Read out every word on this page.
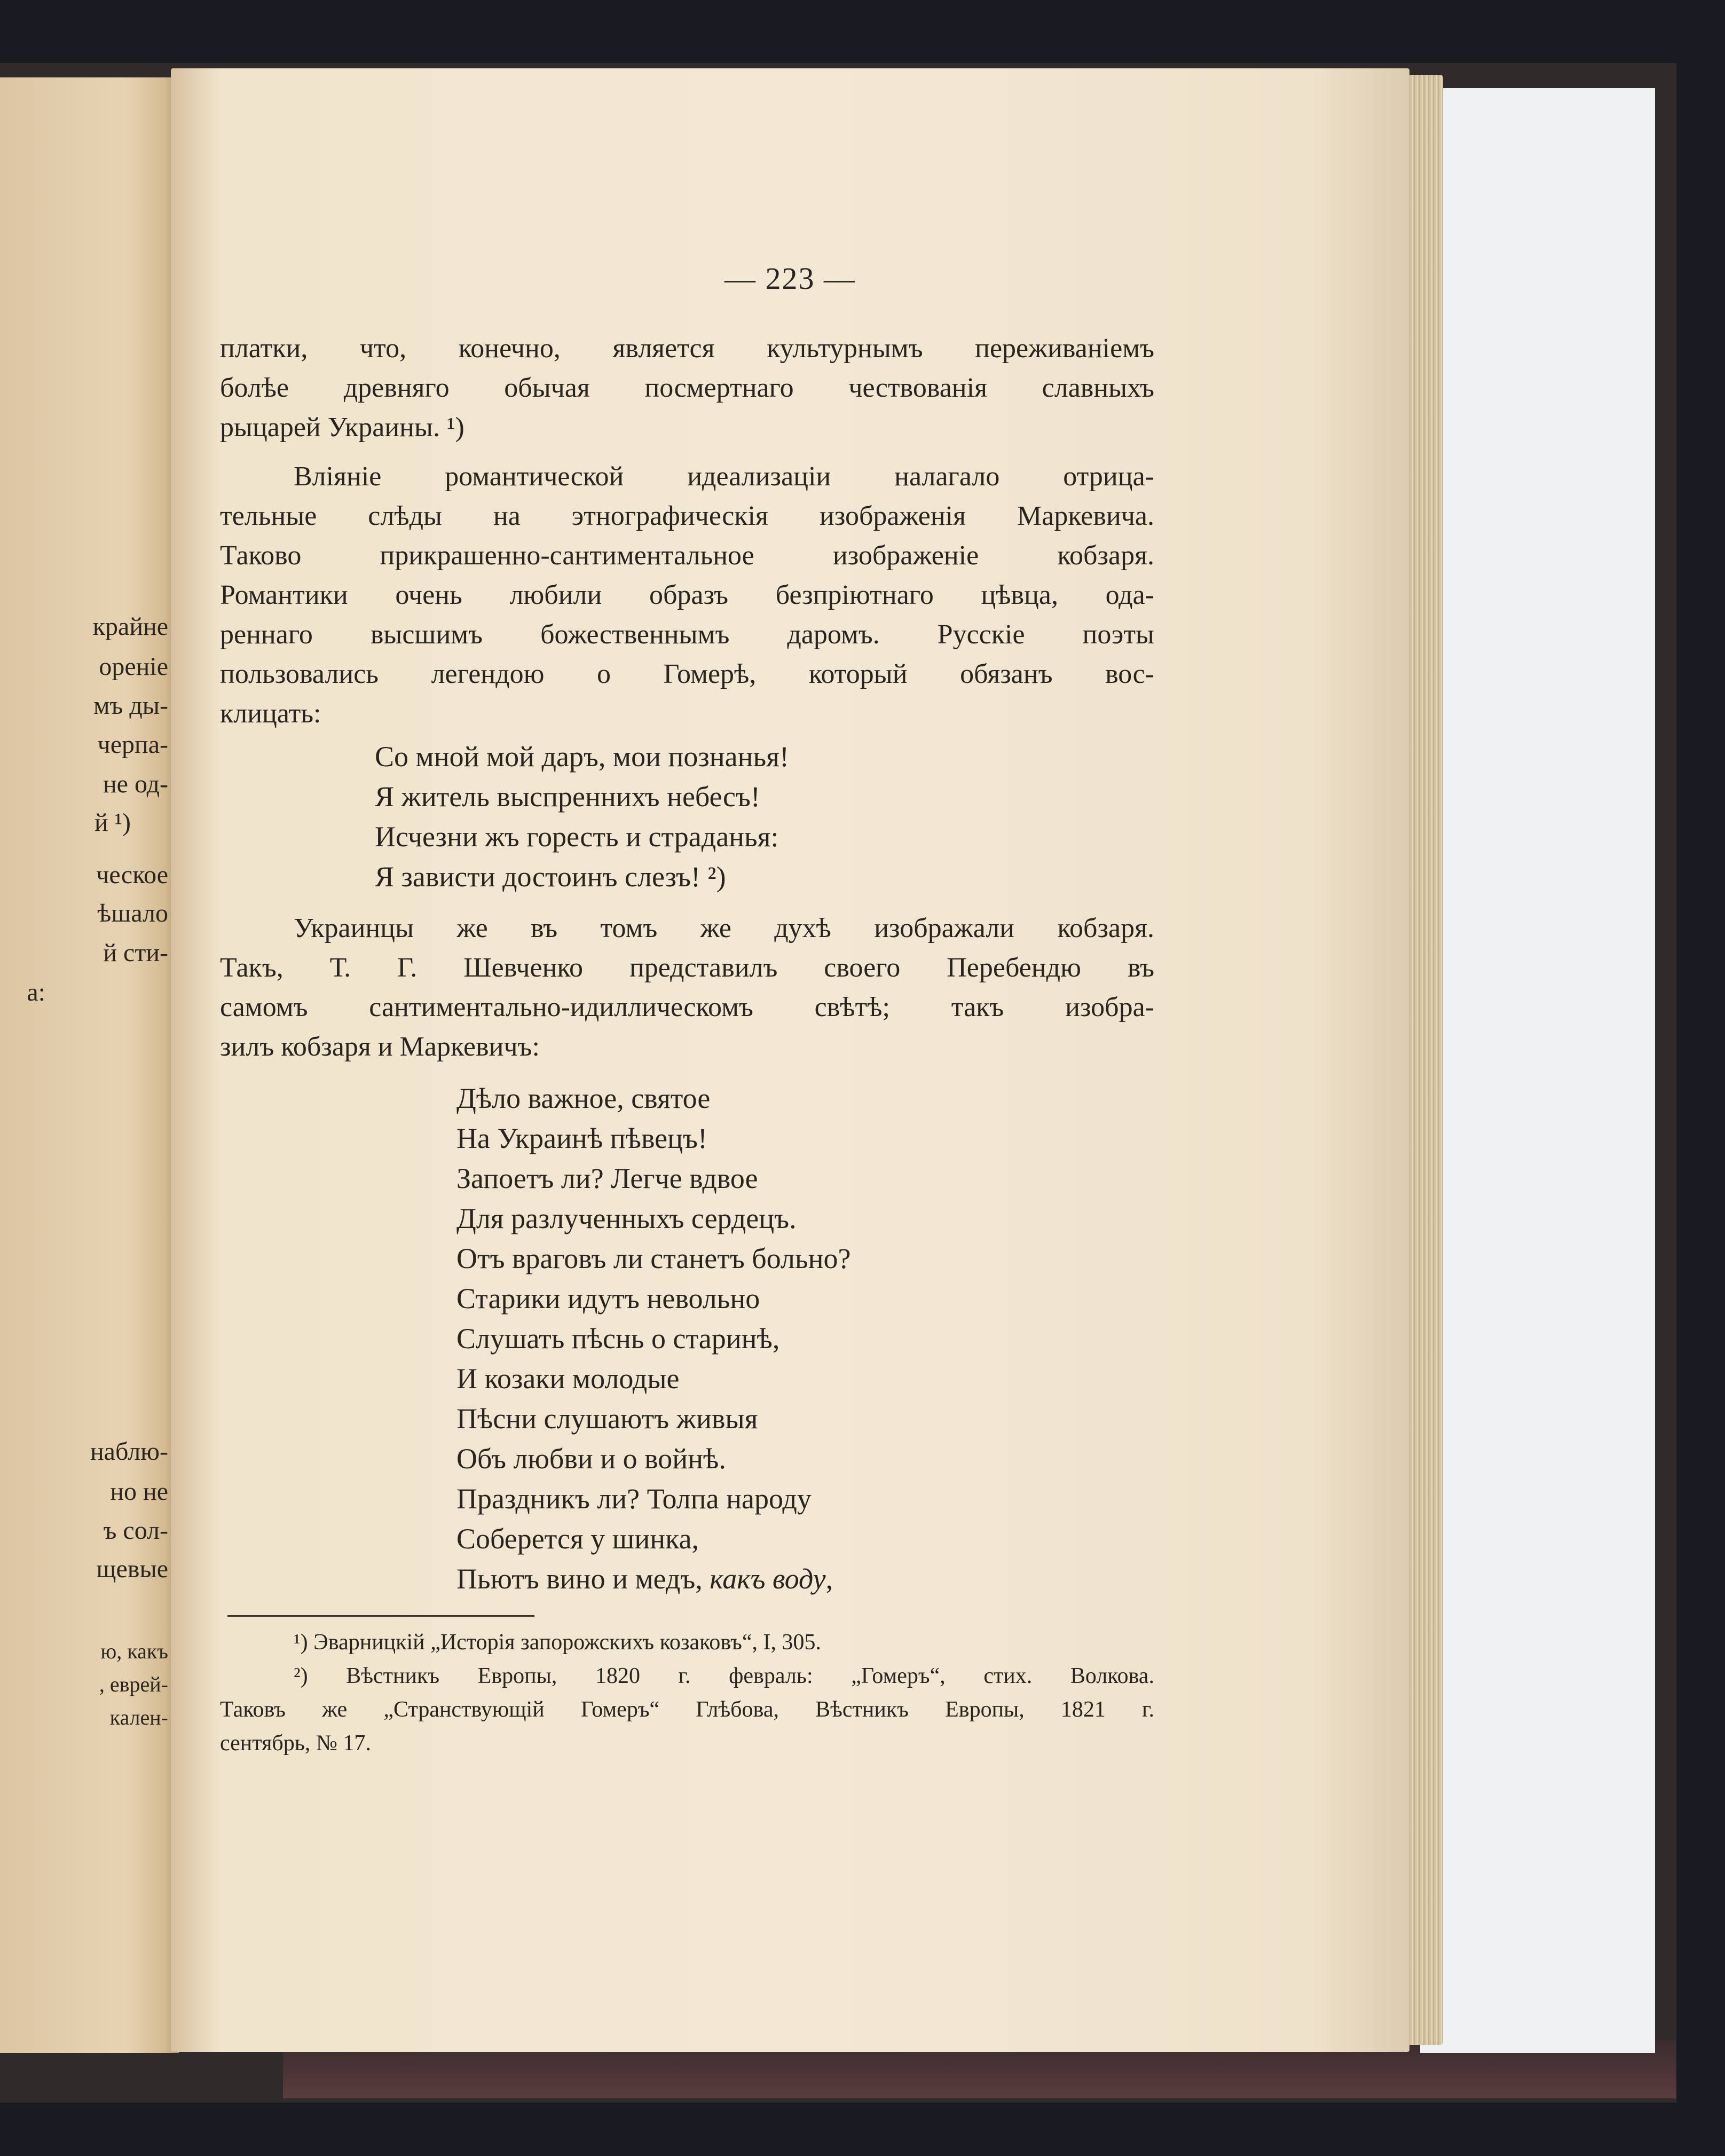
крайне
ореніе
мъ ды-
черпа-
не од-
й ¹)
ческое
ѣшало
й сти-
а:
наблю-
но не
ъ сол-
щевые
ю, какъ
, еврей-
кален-
— 223 —
платки, что, конечно, является культурнымъ переживаніемъ
болѣе древняго обычая посмертнаго чествованія славныхъ
рыцарей Украины. ¹)
Вліяніе романтической идеализаціи налагало отрица-
тельные слѣды на этнографическія изображенія Маркевича.
Таково прикрашенно-сантиментальное изображеніе кобзаря.
Романтики очень любили образъ безпріютнаго цѣвца, ода-
реннаго высшимъ божественнымъ даромъ. Русскіе поэты
пользовались легендою о Гомерѣ, который обязанъ вос-
клицать:
Со мной мой даръ, мои познанья!
Я житель выспреннихъ небесъ!
Исчезни жъ горесть и страданья:
Я зависти достоинъ слезъ! ²)
Украинцы же въ томъ же духѣ изображали кобзаря.
Такъ, Т. Г. Шевченко представилъ своего Перебендю въ
самомъ сантиментально-идиллическомъ свѣтѣ; такъ изобра-
зилъ кобзаря и Маркевичъ:
Дѣло важное, святое
На Украинѣ пѣвецъ!
Запоетъ ли? Легче вдвое
Для разлученныхъ сердецъ.
Отъ враговъ ли станетъ больно?
Старики идутъ невольно
Слушать пѣснь о старинѣ,
И козаки молодые
Пѣсни слушаютъ живыя
Объ любви и о войнѣ.
Праздникъ ли? Толпа народу
Соберется у шинка,
Пьютъ вино и медъ, какъ воду,
¹) Эварницкій „Исторія запорожскихъ козаковъ“, I, 305.
²) Вѣстникъ Европы, 1820 г. февраль: „Гомеръ“, стих. Волкова.
Таковъ же „Странствующій Гомеръ“ Глѣбова, Вѣстникъ Европы, 1821 г.
сентябрь, № 17.
